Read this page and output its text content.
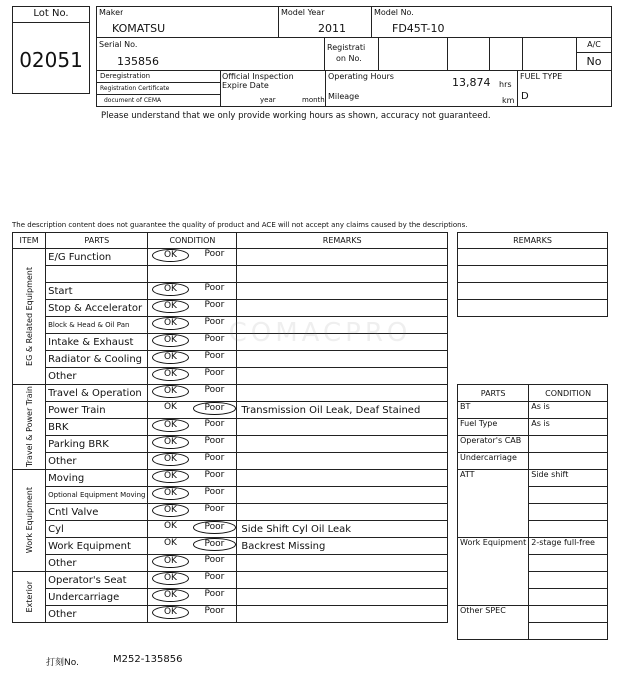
Lot No.
02051
Maker
KOMATSU
Model Year
2011
Model No.
FD45T-10
Serial No.
135856
Registrati
on No.
A/C
No
Deregistration
Registration Certificate
document of CEMA
Official Inspection
Expire Date
year	month
Operating Hours	13,874 hrs
Mileage	km
FUEL TYPE
D
Please understand that we only provide working hours as shown, accuracy not guaranteed.
The description content does not guarantee the quality of product and ACE will not accept any claims caused by the descriptions.
ITEM	PARTS	CONDITION	REMARKS

EG & Related Equipment	E/G Function	OK Poor	

	Start	OK Poor	

	Stop & Accelerator	OK Poor	

	Block & Head & Oil Pan	OK Poor	

	Intake & Exhaust	OK Poor	

	Radiator & Cooling	OK Poor	

	Other	OK Poor	

Travel & Power Train	Travel & Operation	OK Poor	

	Power Train	OK Poor	Transmission Oil Leak, Deaf Stained
	BRK	OK Poor	

	Parking BRK	OK Poor	

	Other	OK Poor	

Work Equipment	Moving	OK Poor	

	Optional Equipment Moving	OK Poor	

	Cntl Valve	OK Poor	

	Cyl	OK Poor	Side Shift Cyl Oil Leak
	Work Equipment	OK Poor	Backrest Missing
	Other	OK Poor	

Exterior	Operator's Seat	OK Poor	

	Undercarriage	OK Poor	

	Other	OK Poor	

REMARKS

PARTS	CONDITION
BT	As is
Fuel Type	As is
Operator's CAB	
Undercarriage	
ATT	Side shift

Work Equipment	2-stage full-free

Other SPEC	

COMACPRO
打刻No.	M252-135856
